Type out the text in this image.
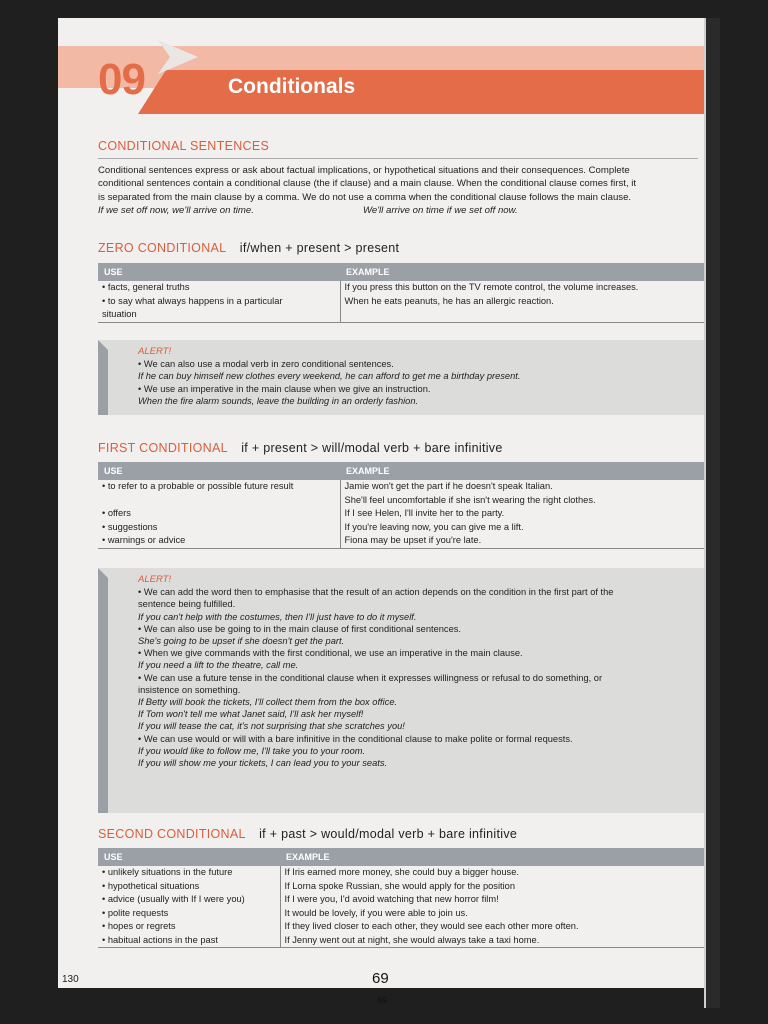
09	Conditionals
CONDITIONAL SENTENCES
Conditional sentences express or ask about factual implications, or hypothetical situations and their consequences. Complete
conditional sentences contain a conditional clause (the if clause) and a main clause. When the conditional clause comes first, it
is separated from the main clause by a comma. We do not use a comma when the conditional clause follows the main clause.
If we set off now, we'll arrive on time.	We'll arrive on time if we set off now.
ZERO CONDITIONAL if/when + present > present
USE	EXAMPLE
• facts, general truths	If you press this button on the TV remote control, the volume increases.
• to say what always happens in a particular	When he eats peanuts, he has an allergic reaction.
situation	
ALERT!
• We can also use a modal verb in zero conditional sentences.
If he can buy himself new clothes every weekend, he can afford to get me a birthday present.
• We use an imperative in the main clause when we give an instruction.
When the fire alarm sounds, leave the building in an orderly fashion.
FIRST CONDITIONAL if + present > will/modal verb + bare infinitive
USE	EXAMPLE
• to refer to a probable or possible future result	Jamie won't get the part if he doesn't speak Italian.
	She'll feel uncomfortable if she isn't wearing the right clothes.
• offers	If I see Helen, I'll invite her to the party.
• suggestions	If you're leaving now, you can give me a lift.
• warnings or advice	Fiona may be upset if you're late.
ALERT!
• We can add the word then to emphasise that the result of an action depends on the condition in the first part of the
sentence being fulfilled.
If you can't help with the costumes, then I'll just have to do it myself.
• We can also use be going to in the main clause of first conditional sentences.
She's going to be upset if she doesn't get the part.
• When we give commands with the first conditional, we use an imperative in the main clause.
If you need a lift to the theatre, call me.
• We can use a future tense in the conditional clause when it expresses willingness or refusal to do something, or
insistence on something.
If Betty will book the tickets, I'll collect them from the box office.
If Tom won't tell me what Janet said, I'll ask her myself!
If you will tease the cat, it's not surprising that she scratches you!
• We can use would or will with a bare infinitive in the conditional clause to make polite or formal requests.
If you would like to follow me, I'll take you to your room.
If you will show me your tickets, I can lead you to your seats.
SECOND CONDITIONAL if + past > would/modal verb + bare infinitive
USE	EXAMPLE
• unlikely situations in the future	If Iris earned more money, she could buy a bigger house.
• hypothetical situations	If Lorna spoke Russian, she would apply for the position
• advice (usually with If I were you)	If I were you, I'd avoid watching that new horror film!
• polite requests	It would be lovely, if you were able to join us.
• hopes or regrets	If they lived closer to each other, they would see each other more often.
• habitual actions in the past	If Jenny went out at night, she would always take a taxi home.
130	69
69
